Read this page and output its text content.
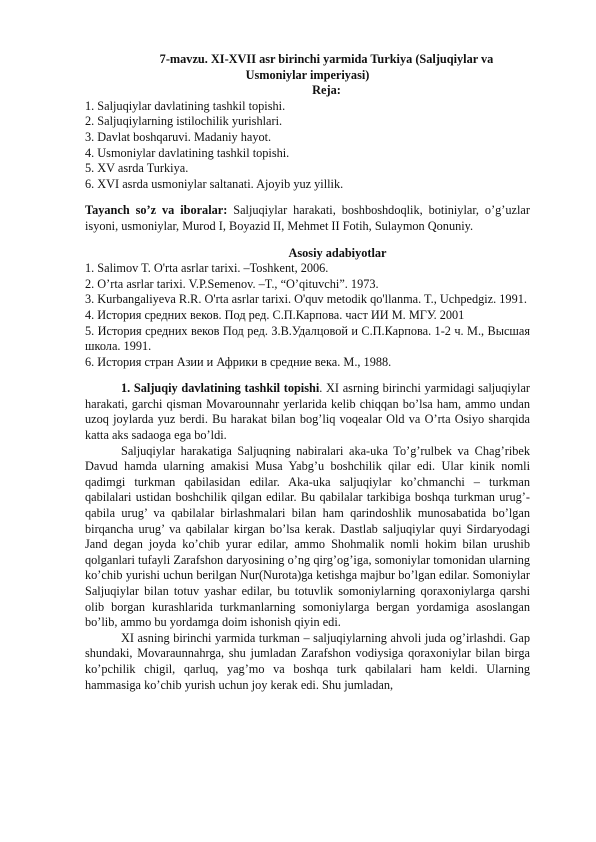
7-mavzu. XI-XVII asr birinchi yarmida Turkiya (Saljuqiylar va
Usmoniylar imperiyasi)

Reja:

1. Saljuqiylar davlatining tashkil topishi.

2. Saljuqiylarning istilochilik yurishlari.

3. Davlat boshqaruvi. Madaniy hayot.

4. Usmoniylar davlatining tashkil topishi.

5. XV asrda Turkiya.

6. XVI asrda usmoniylar saltanati. Ajoyib yuz yillik.

Tayanch so’z va iboralar: Saljuqiylar harakati, boshboshdoqlik, botiniylar, o’g’uzlar isyoni, usmoniylar, Murod I, Boyazid II, Mehmet II Fotih, Sulaymon Qonuniy.

Asosiy adabiyotlar

1. Salimov T. O'rta asrlar tarixi. –Toshkent, 2006.

2. O’rta asrlar tarixi. V.P.Semenov. –T., “O’qituvchi”. 1973.

3. Kurbangaliyeva R.R. O'rta asrlar tarixi. O'quv metodik qo'llanma. T., Uchpedgiz. 1991.

4. История средних веков. Под ред. С.П.Карпова. част ИИ М. МГУ. 2001

5. История средних веков Под ред. З.В.Удалцовой и С.П.Карпова. 1-2 ч. М., Высшая школа. 1991.

6. История стран Азии и Африки в средние века. М., 1988.

1. Saljuqiy davlatining tashkil topishi. XI asrning birinchi yarmidagi saljuqiylar harakati, garchi qisman Movarounnahr yerlarida kelib chiqqan bo’lsa ham, ammo undan uzoq joylarda yuz berdi. Bu harakat bilan bog’liq voqealar Old va O’rta Osiyo sharqida katta aks sadaoga ega bo’ldi.

Saljuqiylar harakatiga Saljuqning nabiralari aka-uka To’g’rulbek va Chag’ribek Davud hamda ularning amakisi Musa Yabg’u boshchilik qilar edi. Ular kinik nomli qadimgi turkman qabilasidan edilar. Aka-uka saljuqiylar ko’chmanchi – turkman qabilalari ustidan boshchilik qilgan edilar. Bu qabilalar tarkibiga boshqa turkman urug’-qabila urug’ va qabilalar birlashmalari bilan ham qarindoshlik munosabatida bo’lgan birqancha urug’ va qabilalar kirgan bo’lsa kerak. Dastlab saljuqiylar quyi Sirdaryodagi Jand degan joyda ko’chib yurar edilar, ammo Shohmalik nomli hokim bilan urushib qolganlari tufayli Zarafshon daryosining o’ng qirg’og’iga, somoniylar tomonidan ularning ko’chib yurishi uchun berilgan Nur(Nurota)ga ketishga majbur bo’lgan edilar. Somoniylar Saljuqiylar bilan totuv yashar edilar, bu totuvlik somoniylarning qoraxoniylarga qarshi olib borgan kurashlarida turkmanlarning somoniylarga bergan yordamiga asoslangan bo’lib, ammo bu yordamga doim ishonish qiyin edi.

XI asning birinchi yarmida turkman – saljuqiylarning ahvoli juda og’irlashdi. Gap shundaki, Movaraunnahrga, shu jumladan Zarafshon vodiysiga qoraxoniylar bilan birga ko’pchilik chigil, qarluq, yag’mo va boshqa turk qabilalari ham keldi. Ularning hammasiga ko’chib yurish uchun joy kerak edi. Shu jumladan,
